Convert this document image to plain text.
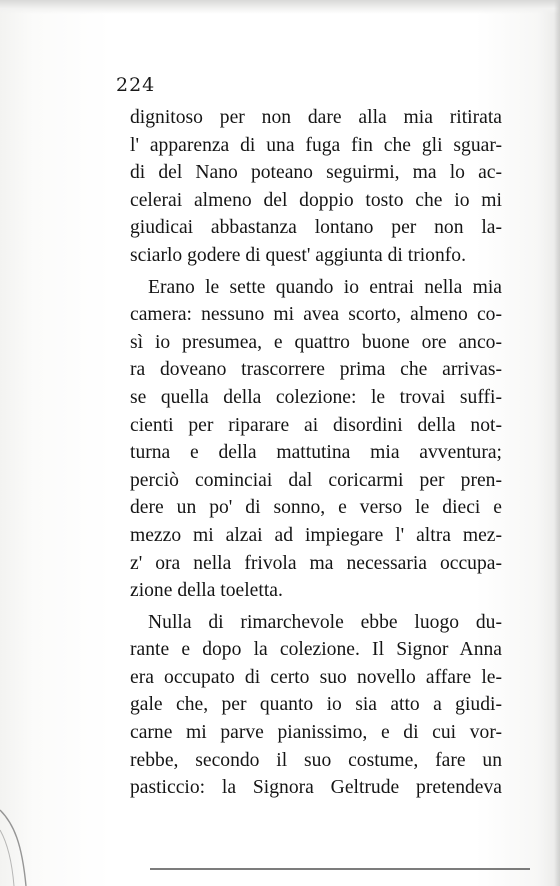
224
dignitoso per non dare alla mia ritirata
l' apparenza di una fuga fin che gli sguar-
di del Nano poteano seguirmi, ma lo ac-
celerai almeno del doppio tosto che io mi
giudicai abbastanza lontano per non la-
sciarlo godere di quest' aggiunta di trionfo.
Erano le sette quando io entrai nella mia
camera: nessuno mi avea scorto, almeno co-
sì io presumea, e quattro buone ore anco-
ra doveano trascorrere prima che arrivas-
se quella della colezione: le trovai suffi-
cienti per riparare ai disordini della not-
turna e della mattutina mia avventura;
perciò cominciai dal coricarmi per pren-
dere un po' di sonno, e verso le dieci e
mezzo mi alzai ad impiegare l' altra mez-
z' ora nella frivola ma necessaria occupa-
zione della toeletta.
Nulla di rimarchevole ebbe luogo du-
rante e dopo la colezione. Il Signor Anna
era occupato di certo suo novello affare le-
gale che, per quanto io sia atto a giudi-
carne mi parve pianissimo, e di cui vor-
rebbe, secondo il suo costume, fare un
pasticcio: la Signora Geltrude pretendeva
